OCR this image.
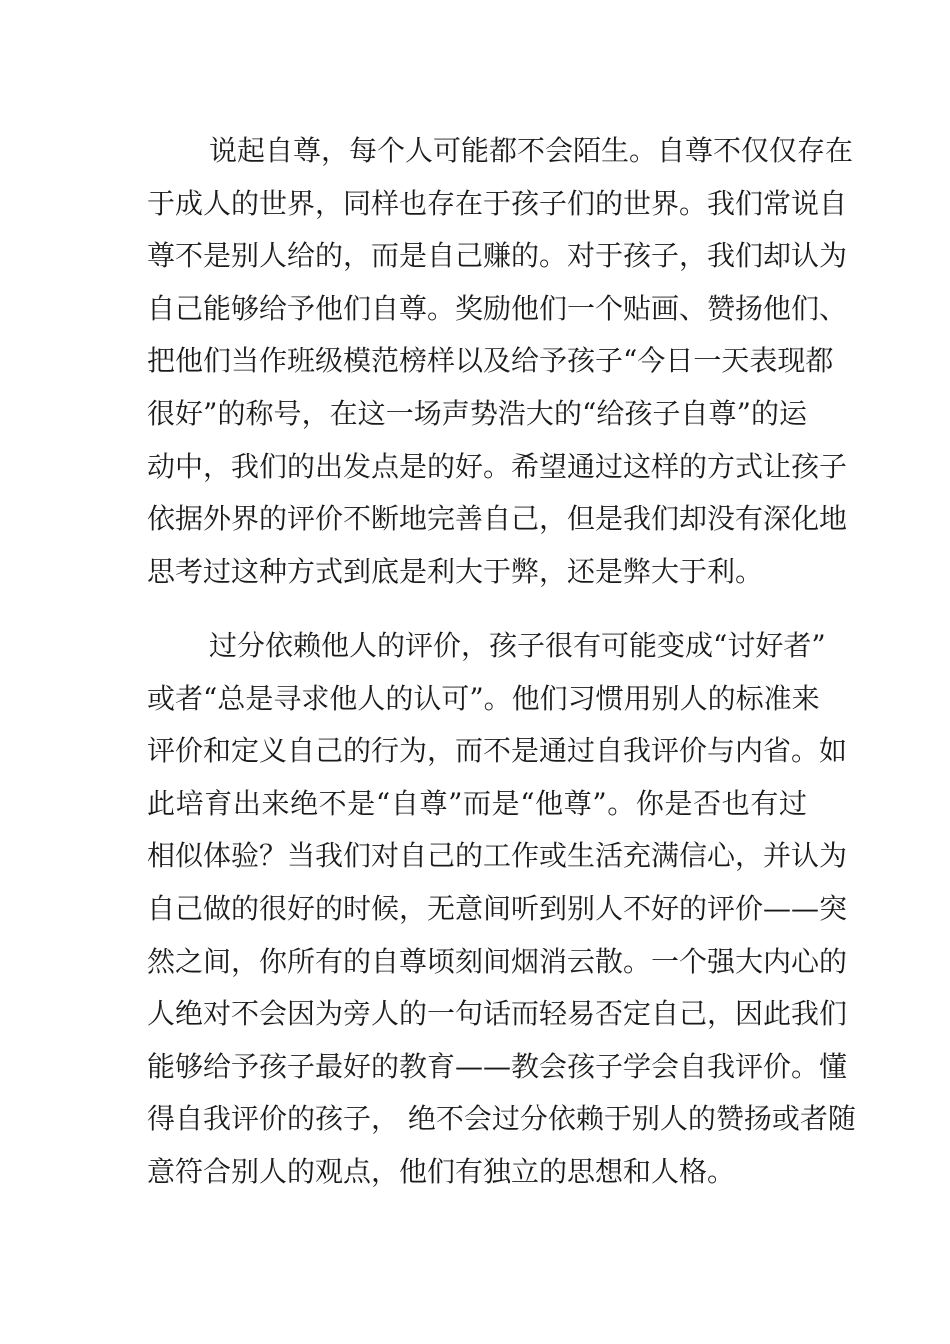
说起自尊，每个人可能都不会陌生。自尊不仅仅存在
于成人的世界，同样也存在于孩子们的世界。我们常说自
尊不是别人给的，而是自己赚的。对于孩子，我们却认为
自己能够给予他们自尊。奖励他们一个贴画、赞扬他们、
把他们当作班级模范榜样以及给予孩子“今日一天表现都
很好”的称号，在这一场声势浩大的“给孩子自尊”的运
动中，我们的出发点是的好。希望通过这样的方式让孩子
依据外界的评价不断地完善自己，但是我们却没有深化地
思考过这种方式到底是利大于弊，还是弊大于利。
过分依赖他人的评价，孩子很有可能变成“讨好者”
或者“总是寻求他人的认可”。他们习惯用别人的标准来
评价和定义自己的行为，而不是通过自我评价与内省。如
此培育出来绝不是“自尊”而是“他尊”。你是否也有过
相似体验？当我们对自己的工作或生活充满信心，并认为
自己做的很好的时候，无意间听到别人不好的评价——突
然之间，你所有的自尊顷刻间烟消云散。一个强大内心的
人绝对不会因为旁人的一句话而轻易否定自己，因此我们
能够给予孩子最好的教育——教会孩子学会自我评价。懂
得自我评价的孩子， 绝不会过分依赖于别人的赞扬或者随
意符合别人的观点，他们有独立的思想和人格。
